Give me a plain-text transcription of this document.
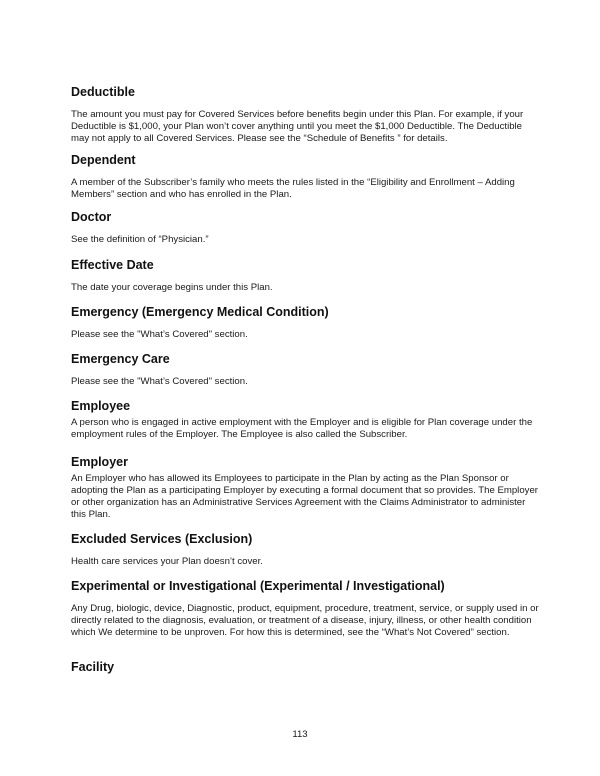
Deductible

The amount you must pay for Covered Services before benefits begin under this Plan. For example, if your Deductible is $1,000, your Plan won’t cover anything until you meet the $1,000 Deductible. The Deductible may not apply to all Covered Services. Please see the “Schedule of Benefits ” for details.

Dependent

A member of the Subscriber’s family who meets the rules listed in the “Eligibility and Enrollment – Adding Members” section and who has enrolled in the Plan.

Doctor

See the definition of “Physician.”

Effective Date

The date your coverage begins under this Plan.

Emergency (Emergency Medical Condition)

Please see the "What’s Covered" section.

Emergency Care

Please see the "What’s Covered" section.

Employee

A person who is engaged in active employment with the Employer and is eligible for Plan coverage under the employment rules of the Employer. The Employee is also called the Subscriber.

Employer

An Employer who has allowed its Employees to participate in the Plan by acting as the Plan Sponsor or adopting the Plan as a participating Employer by executing a formal document that so provides. The Employer or other organization has an Administrative Services Agreement with the Claims Administrator to administer this Plan.

Excluded Services (Exclusion)

Health care services your Plan doesn’t cover.

Experimental or Investigational (Experimental / Investigational)

Any Drug, biologic, device, Diagnostic, product, equipment, procedure, treatment, service, or supply used in or directly related to the diagnosis, evaluation, or treatment of a disease, injury, illness, or other health condition which We determine to be unproven. For how this is determined, see the “What’s Not Covered” section.

Facility

113
